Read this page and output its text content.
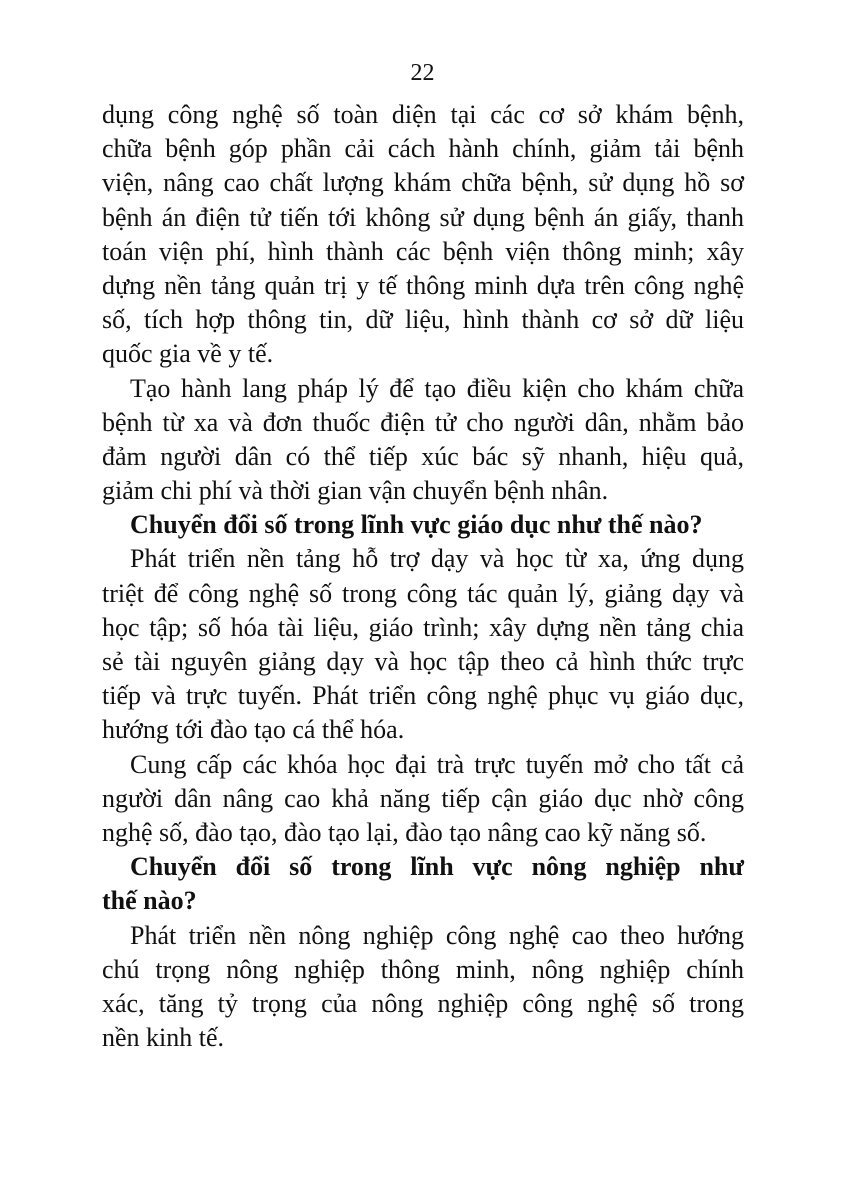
22
dụng công nghệ số toàn diện tại các cơ sở khám bệnh,
chữa bệnh góp phần cải cách hành chính, giảm tải bệnh
viện, nâng cao chất lượng khám chữa bệnh, sử dụng hồ sơ
bệnh án điện tử tiến tới không sử dụng bệnh án giấy, thanh
toán viện phí, hình thành các bệnh viện thông minh; xây
dựng nền tảng quản trị y tế thông minh dựa trên công nghệ
số, tích hợp thông tin, dữ liệu, hình thành cơ sở dữ liệu
quốc gia về y tế.
Tạo hành lang pháp lý để tạo điều kiện cho khám chữa
bệnh từ xa và đơn thuốc điện tử cho người dân, nhằm bảo
đảm người dân có thể tiếp xúc bác sỹ nhanh, hiệu quả,
giảm chi phí và thời gian vận chuyển bệnh nhân.
Chuyển đổi số trong lĩnh vực giáo dục như thế nào?
Phát triển nền tảng hỗ trợ dạy và học từ xa, ứng dụng
triệt để công nghệ số trong công tác quản lý, giảng dạy và
học tập; số hóa tài liệu, giáo trình; xây dựng nền tảng chia
sẻ tài nguyên giảng dạy và học tập theo cả hình thức trực
tiếp và trực tuyến. Phát triển công nghệ phục vụ giáo dục,
hướng tới đào tạo cá thể hóa.
Cung cấp các khóa học đại trà trực tuyến mở cho tất cả
người dân nâng cao khả năng tiếp cận giáo dục nhờ công
nghệ số, đào tạo, đào tạo lại, đào tạo nâng cao kỹ năng số.
Chuyển đổi số trong lĩnh vực nông nghiệp như
thế nào?
Phát triển nền nông nghiệp công nghệ cao theo hướng
chú trọng nông nghiệp thông minh, nông nghiệp chính
xác, tăng tỷ trọng của nông nghiệp công nghệ số trong
nền kinh tế.
